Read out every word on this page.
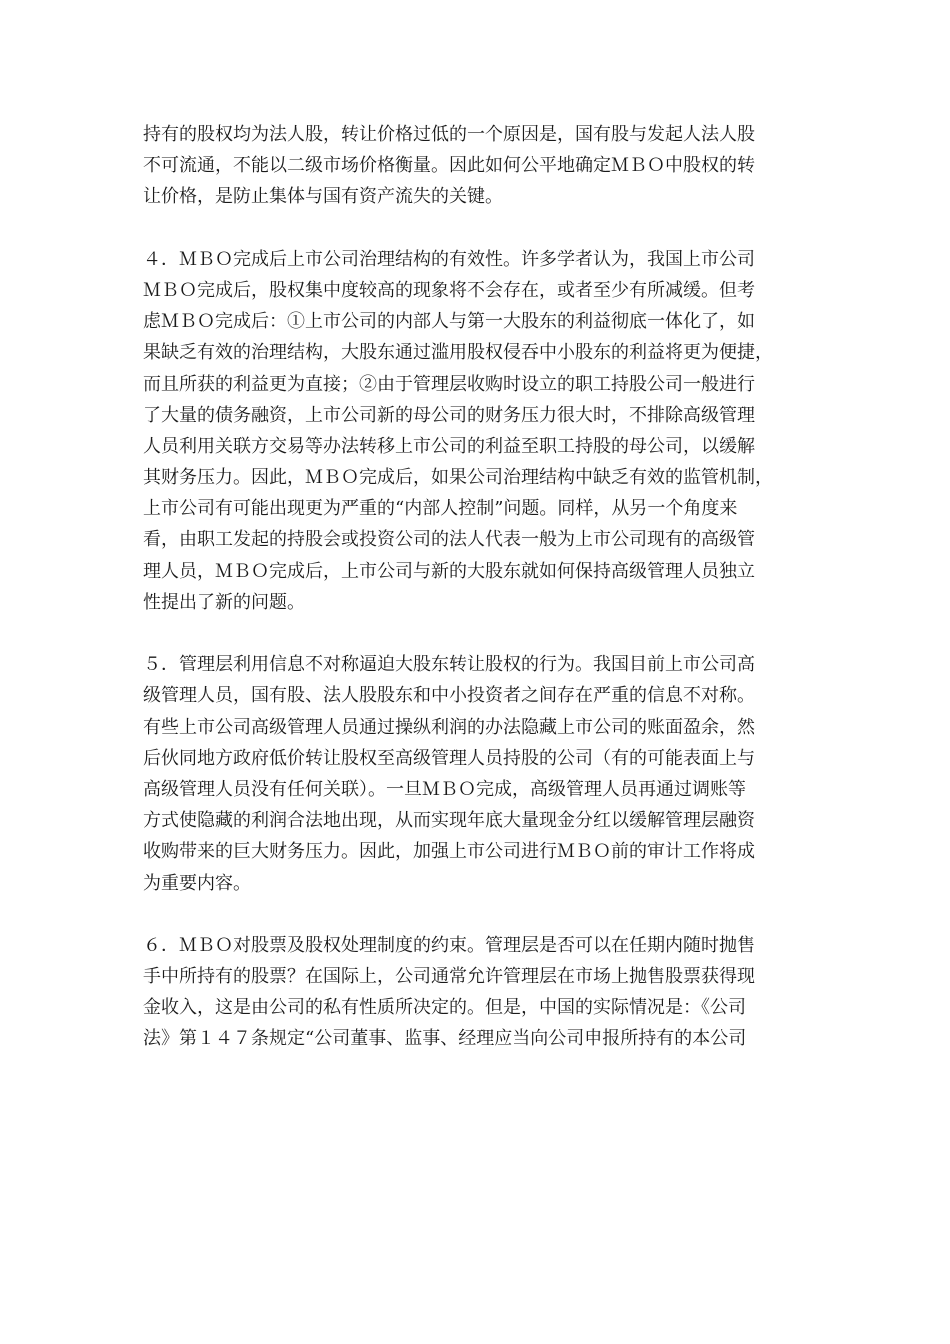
持有的股权均为法人股，转让价格过低的一个原因是，国有股与发起人法人股
不可流通，不能以二级市场价格衡量。因此如何公平地确定ＭＢＯ中股权的转
让价格，是防止集体与国有资产流失的关键。
４．ＭＢＯ完成后上市公司治理结构的有效性。许多学者认为，我国上市公司
ＭＢＯ完成后，股权集中度较高的现象将不会存在，或者至少有所减缓。但考
虑ＭＢＯ完成后：①上市公司的内部人与第一大股东的利益彻底一体化了，如
果缺乏有效的治理结构，大股东通过滥用股权侵吞中小股东的利益将更为便捷，
而且所获的利益更为直接；②由于管理层收购时设立的职工持股公司一般进行
了大量的债务融资，上市公司新的母公司的财务压力很大时，不排除高级管理
人员利用关联方交易等办法转移上市公司的利益至职工持股的母公司，以缓解
其财务压力。因此，ＭＢＯ完成后，如果公司治理结构中缺乏有效的监管机制，
上市公司有可能出现更为严重的“内部人控制”问题。同样，从另一个角度来
看，由职工发起的持股会或投资公司的法人代表一般为上市公司现有的高级管
理人员，ＭＢＯ完成后，上市公司与新的大股东就如何保持高级管理人员独立
性提出了新的问题。
５．管理层利用信息不对称逼迫大股东转让股权的行为。我国目前上市公司高
级管理人员，国有股、法人股股东和中小投资者之间存在严重的信息不对称。
有些上市公司高级管理人员通过操纵利润的办法隐藏上市公司的账面盈余，然
后伙同地方政府低价转让股权至高级管理人员持股的公司（有的可能表面上与
高级管理人员没有任何关联）。一旦ＭＢＯ完成，高级管理人员再通过调账等
方式使隐藏的利润合法地出现，从而实现年底大量现金分红以缓解管理层融资
收购带来的巨大财务压力。因此，加强上市公司进行ＭＢＯ前的审计工作将成
为重要内容。
６．ＭＢＯ对股票及股权处理制度的约束。管理层是否可以在任期内随时抛售
手中所持有的股票？在国际上，公司通常允许管理层在市场上抛售股票获得现
金收入，这是由公司的私有性质所决定的。但是，中国的实际情况是：《公司
法》第１４７条规定“公司董事、监事、经理应当向公司申报所持有的本公司
